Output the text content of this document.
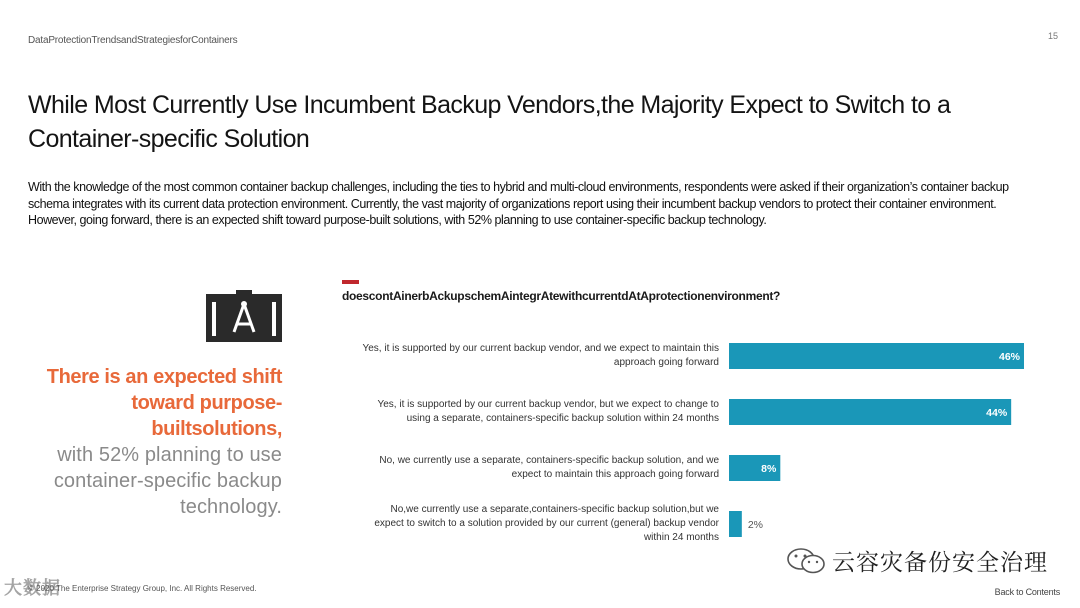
DataProtectionTrendsandStrategiesforContainers	15
While Most Currently Use Incumbent Backup Vendors,the Majority Expect to Switch to a Container-specific Solution

With the knowledge of the most common container backup challenges, including the ties to hybrid and multi-cloud environments, respondents were asked if their organization’s container backup schema integrates with its current data protection environment. Currently, the vast majority of organizations report using their incumbent backup vendors to protect their container environment. However, going forward, there is an expected shift toward purpose-built solutions, with 52% planning to use container-specific backup technology.

There is an expected shift toward purpose-builtsolutions,
with 52% planning to use container-specific backup technology.
doescontAinerbAckupschemAintegrAtewithcurrentdAtAprotectionenvironment?
46%
44%
8%
2%
Yes, it is supported by our current backup vendor, and we expect to maintain this
approach going forward
Yes, it is supported by our current backup vendor, but we expect to change to
using a separate, containers-specific backup solution within 24 months
No, we currently use a separate, containers-specific backup solution, and we
expect to maintain this approach going forward
No,we currently use a separate,containers-specific backup solution,but we
expect to switch to a solution provided by our current (general) backup vendor
within 24 months
云容灾备份安全治理
大数据
© 2020 The Enterprise Strategy Group, Inc. All Rights Reserved.	Back to Contents
